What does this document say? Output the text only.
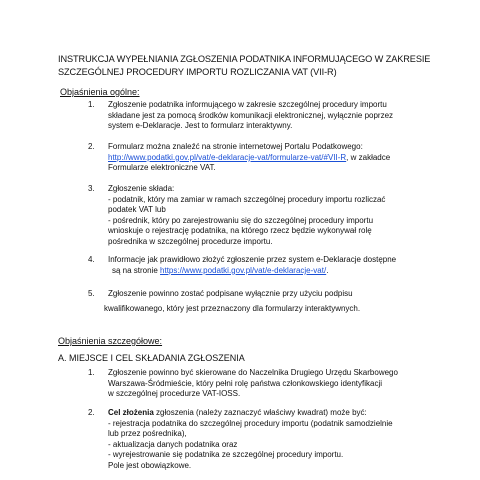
INSTRUKCJA WYPEŁNIANIA ZGŁOSZENIA PODATNIKA INFORMUJĄCEGO W ZAKRESIE
SZCZEGÓLNEJ PROCEDURY IMPORTU ROZLICZANIA VAT (VII-R)
Objaśnienia ogólne:
1.	Zgłoszenie podatnika informującego w zakresie szczególnej procedury importu
składane jest za pomocą środków komunikacji elektronicznej, wyłącznie poprzez
system e-Deklaracje. Jest to formularz interaktywny.
2.	Formularz można znaleźć na stronie internetowej Portalu Podatkowego:
http://www.podatki.gov.pl/vat/e-deklaracje-vat/formularze-vat/#VII-R, w zakładce
Formularze elektroniczne VAT.
3.	Zgłoszenie składa:
- podatnik, który ma zamiar w ramach szczególnej procedury importu rozliczać
podatek VAT lub
- pośrednik, który po zarejestrowaniu się do szczególnej procedury importu
wnioskuje o rejestrację podatnika, na którego rzecz będzie wykonywał rolę
pośrednika w szczególnej procedurze importu.
4.	Informacje jak prawidłowo złożyć zgłoszenie przez system e-Deklaracje dostępne
są na stronie https://www.podatki.gov.pl/vat/e-deklaracje-vat/.
5.	Zgłoszenie powinno zostać podpisane wyłącznie przy użyciu podpisu
kwalifikowanego, który jest przeznaczony dla formularzy interaktywnych.
Objaśnienia szczegółowe:
A. MIEJSCE I CEL SKŁADANIA ZGŁOSZENIA
1.	Zgłoszenie powinno być skierowane do Naczelnika Drugiego Urzędu Skarbowego
Warszawa-Śródmieście, który pełni rolę państwa członkowskiego identyfikacji
w szczególnej procedurze VAT-IOSS.
2.	Cel złożenia zgłoszenia (należy zaznaczyć właściwy kwadrat) może być:
- rejestracja podatnika do szczególnej procedury importu (podatnik samodzielnie
lub przez pośrednika),
- aktualizacja danych podatnika oraz
- wyrejestrowanie się podatnika ze szczególnej procedury importu.
Pole jest obowiązkowe.
